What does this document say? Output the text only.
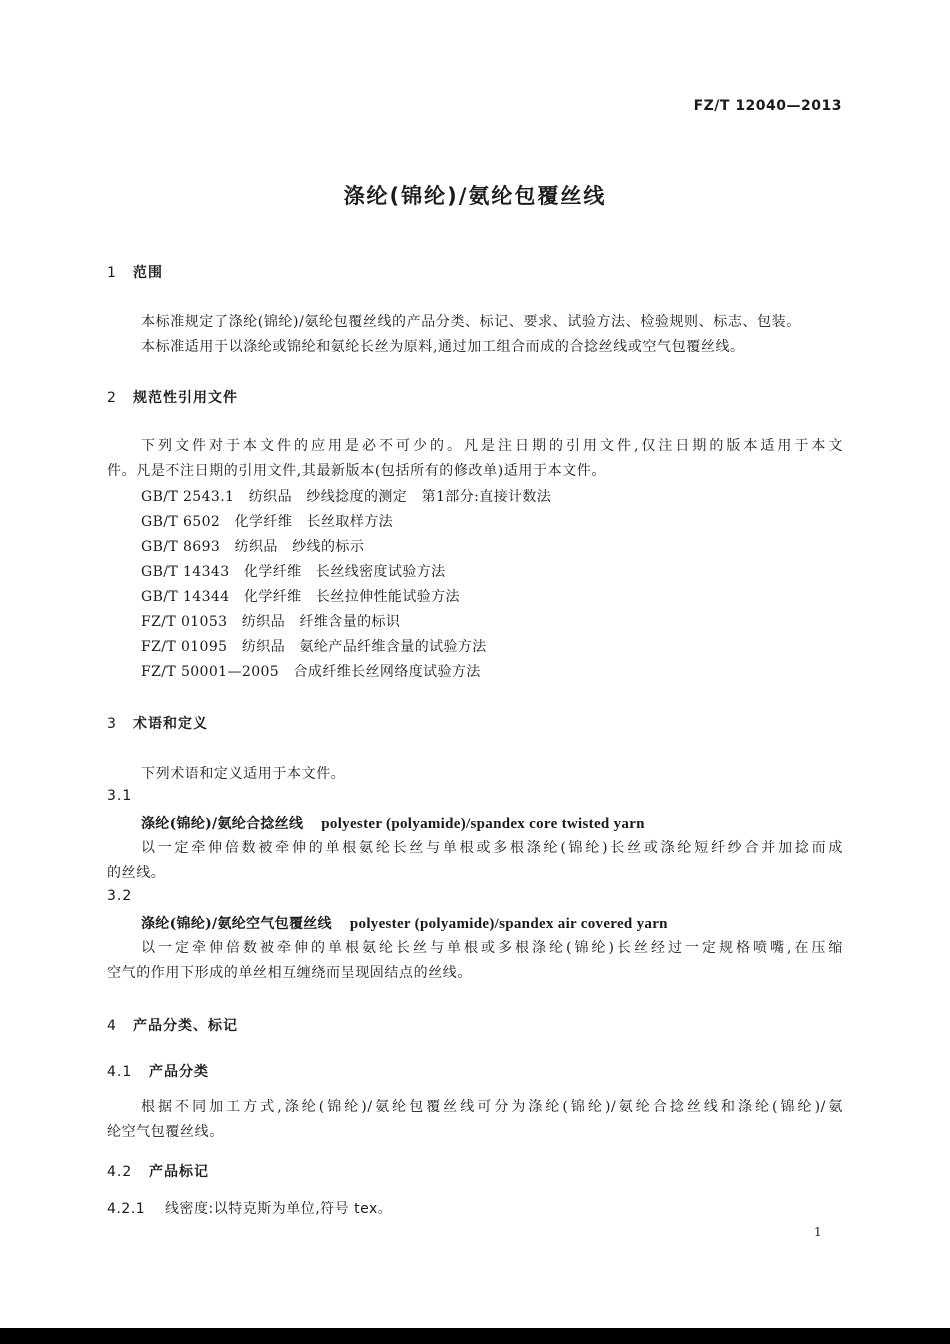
FZ/T 12040—2013
涤纶(锦纶)/氨纶包覆丝线
1 范围
本标准规定了涤纶(锦纶)/氨纶包覆丝线的产品分类、标记、要求、试验方法、检验规则、标志、包装。
本标准适用于以涤纶或锦纶和氨纶长丝为原料,通过加工组合而成的合捻丝线或空气包覆丝线。
2 规范性引用文件
下列文件对于本文件的应用是必不可少的。凡是注日期的引用文件,仅注日期的版本适用于本文
件。凡是不注日期的引用文件,其最新版本(包括所有的修改单)适用于本文件。
GB/T 2543.1　 纺织品　纱线捻度的测定　第1部分:直接计数法
GB/T 6502　 化学纤维　长丝取样方法
GB/T 8693　 纺织品　纱线的标示
GB/T 14343　 化学纤维　长丝线密度试验方法
GB/T 14344　 化学纤维　长丝拉伸性能试验方法
FZ/T 01053　 纺织品　纤维含量的标识
FZ/T 01095　 纺织品　氨纶产品纤维含量的试验方法
FZ/T 50001—2005　 合成纤维长丝网络度试验方法
3 术语和定义
下列术语和定义适用于本文件。
3.1
涤纶(锦纶)/氨纶合捻丝线 polyester (polyamide)/spandex core twisted yarn
以一定牵伸倍数被牵伸的单根氨纶长丝与单根或多根涤纶(锦纶)长丝或涤纶短纤纱合并加捻而成
的丝线。
3.2
涤纶(锦纶)/氨纶空气包覆丝线 polyester (polyamide)/spandex air covered yarn
以一定牵伸倍数被牵伸的单根氨纶长丝与单根或多根涤纶(锦纶)长丝经过一定规格喷嘴,在压缩
空气的作用下形成的单丝相互缠绕而呈现固结点的丝线。
4 产品分类、标记
4.1 产品分类
根据不同加工方式,涤纶(锦纶)/氨纶包覆丝线可分为涤纶(锦纶)/氨纶合捻丝线和涤纶(锦纶)/氨
纶空气包覆丝线。
4.2 产品标记
4.2.1 线密度:以特克斯为单位,符号 tex。
1
